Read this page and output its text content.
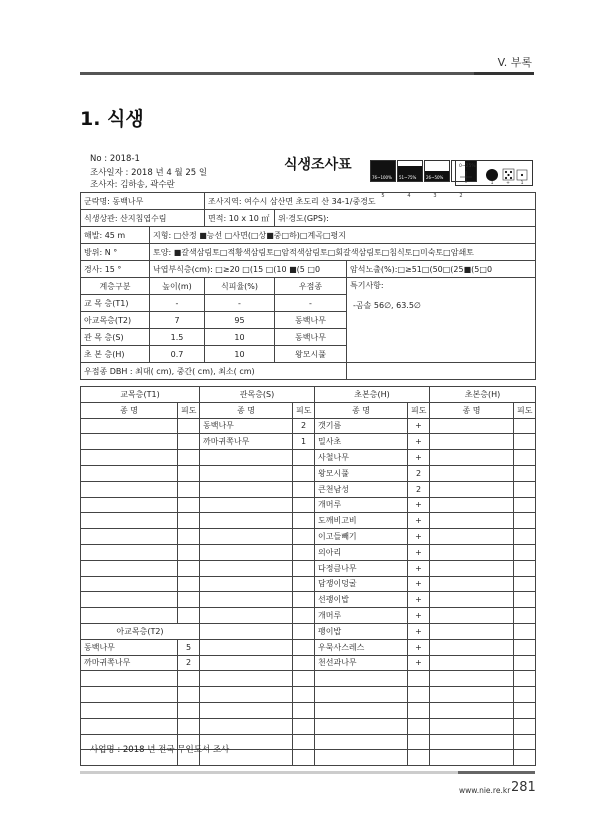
V. 부록
1. 식생
No : 2018-1
조사일자 : 2018 년 4 월 25 일
조사자: 김하송, 곽수란
식생조사표
76~100% 51~75% 26~50%
5	4	3	2
0~25%
1	+ 1
군락명: 동백나무		조사지역: 여수시 삼산면 초도리 산 34-1/중경도		
식생상관: 산지침엽수림		면적: 10 x 10 ㎡	위·경도(GPS):	
해발: 45 m	지형: □산정 ■능선 □사면(□상■중□하)□계곡□평지			
방위: N °	토양: ■갈색삼림토□적황색삼림토□암적색삼림토□회갈색삼림토□침식토□미숙토□암쇄토			
경사: 15 °	낙엽부식층(cm): □≥20 □(15 □(10 ■(5 □0			암석노출(%):□≥51□(50□(25■(5□0
계층구분	높이(m)	식피율(%)	우점종	특기사항:
-곰솔 56∅, 63.5∅

교 목 층(T1)	-	-	-	
아교목층(T2)	7	95	동백나무	
관 목 층(S)	1.5	10	동백나무	
초 본 층(H)	0.7	10	왕모시풀	
우점종 DBH : 최대( cm), 중간( cm), 최소( cm)				
교목층(T1)		관목층(S)		초본층(H)		초본층(H)	
종 명	피도	종 명	피도	종 명	피도	종 명	피도
		동백나무	2	갯기름	+		
		까마귀쪽나무	1	밀사초	+		
				사철나무	+		
				왕모시풀	2		
				큰천남성	2		
				개머루	+		
				도깨비고비	+		
				이고들빼기	+		
				의아리	+		
				다정큼나무	+		
				담쟁이덩굴	+		
				선괭이밥	+		
				개머루	+		
아교목층(T2)				팽이밥	+		
동백나무	5			우묵사스레스	+		
까마귀쪽나무	2			천선과나무	+		

사업명 : 2018 년 전국 무인도서 조사
www.nie.re.kr 281
